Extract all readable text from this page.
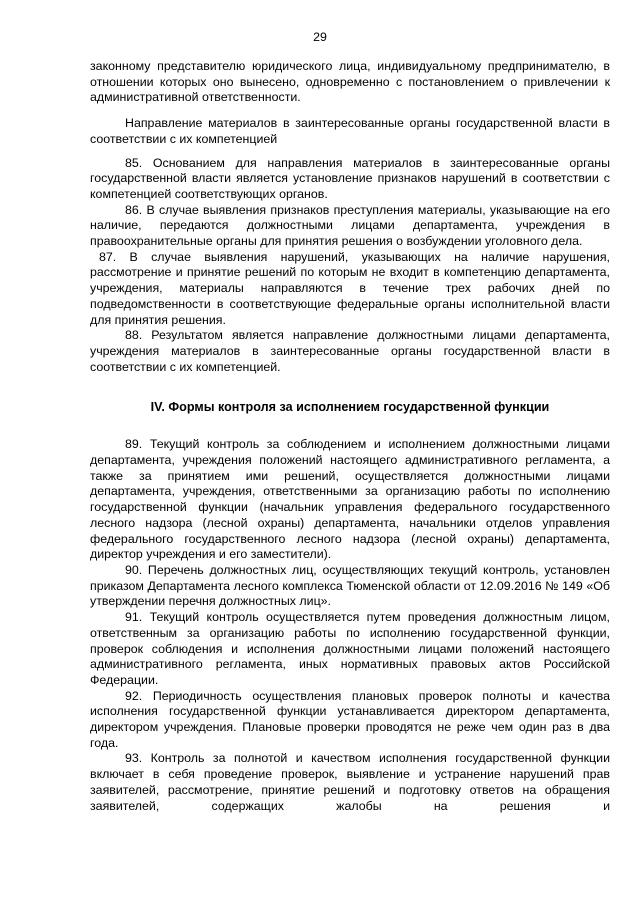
29

законному представителю юридического лица, индивидуальному предпринимателю, в отношении которых оно вынесено, одновременно с постановлением о привлечении к административной ответственности.

Направление материалов в заинтересованные органы государственной власти в соответствии с их компетенцией

85. Основанием для направления материалов в заинтересованные органы государственной власти является установление признаков нарушений в соответствии с компетенцией соответствующих органов.

86. В случае выявления признаков преступления материалы, указывающие на его наличие, передаются должностными лицами департамента, учреждения в правоохранительные органы для принятия решения о возбуждении уголовного дела.

87. В случае выявления нарушений, указывающих на наличие нарушения, рассмотрение и принятие решений по которым не входит в компетенцию департамента, учреждения, материалы направляются в течение трех рабочих дней по подведомственности в соответствующие федеральные органы исполнительной власти для принятия решения.

88. Результатом является направление должностными лицами департамента, учреждения материалов в заинтересованные органы государственной власти в соответствии с их компетенцией.

IV. Формы контроля за исполнением государственной функции

89. Текущий контроль за соблюдением и исполнением должностными лицами департамента, учреждения положений настоящего административного регламента, а также за принятием ими решений, осуществляется должностными лицами департамента, учреждения, ответственными за организацию работы по исполнению государственной функции (начальник управления федерального государственного лесного надзора (лесной охраны) департамента, начальники отделов управления федерального государственного лесного надзора (лесной охраны) департамента, директор учреждения и его заместители).

90. Перечень должностных лиц, осуществляющих текущий контроль, установлен приказом Департамента лесного комплекса Тюменской области от 12.09.2016 № 149 «Об утверждении перечня должностных лиц».

91. Текущий контроль осуществляется путем проведения должностным лицом, ответственным за организацию работы по исполнению государственной функции, проверок соблюдения и исполнения должностными лицами положений настоящего административного регламента, иных нормативных правовых актов Российской Федерации.

92. Периодичность осуществления плановых проверок полноты и качества исполнения государственной функции устанавливается директором департамента, директором учреждения. Плановые проверки проводятся не реже чем один раз в два года.

93. Контроль за полнотой и качеством исполнения государственной функции включает в себя проведение проверок, выявление и устранение нарушений прав заявителей, рассмотрение, принятие решений и подготовку ответов на обращения заявителей, содержащих жалобы на решения и
